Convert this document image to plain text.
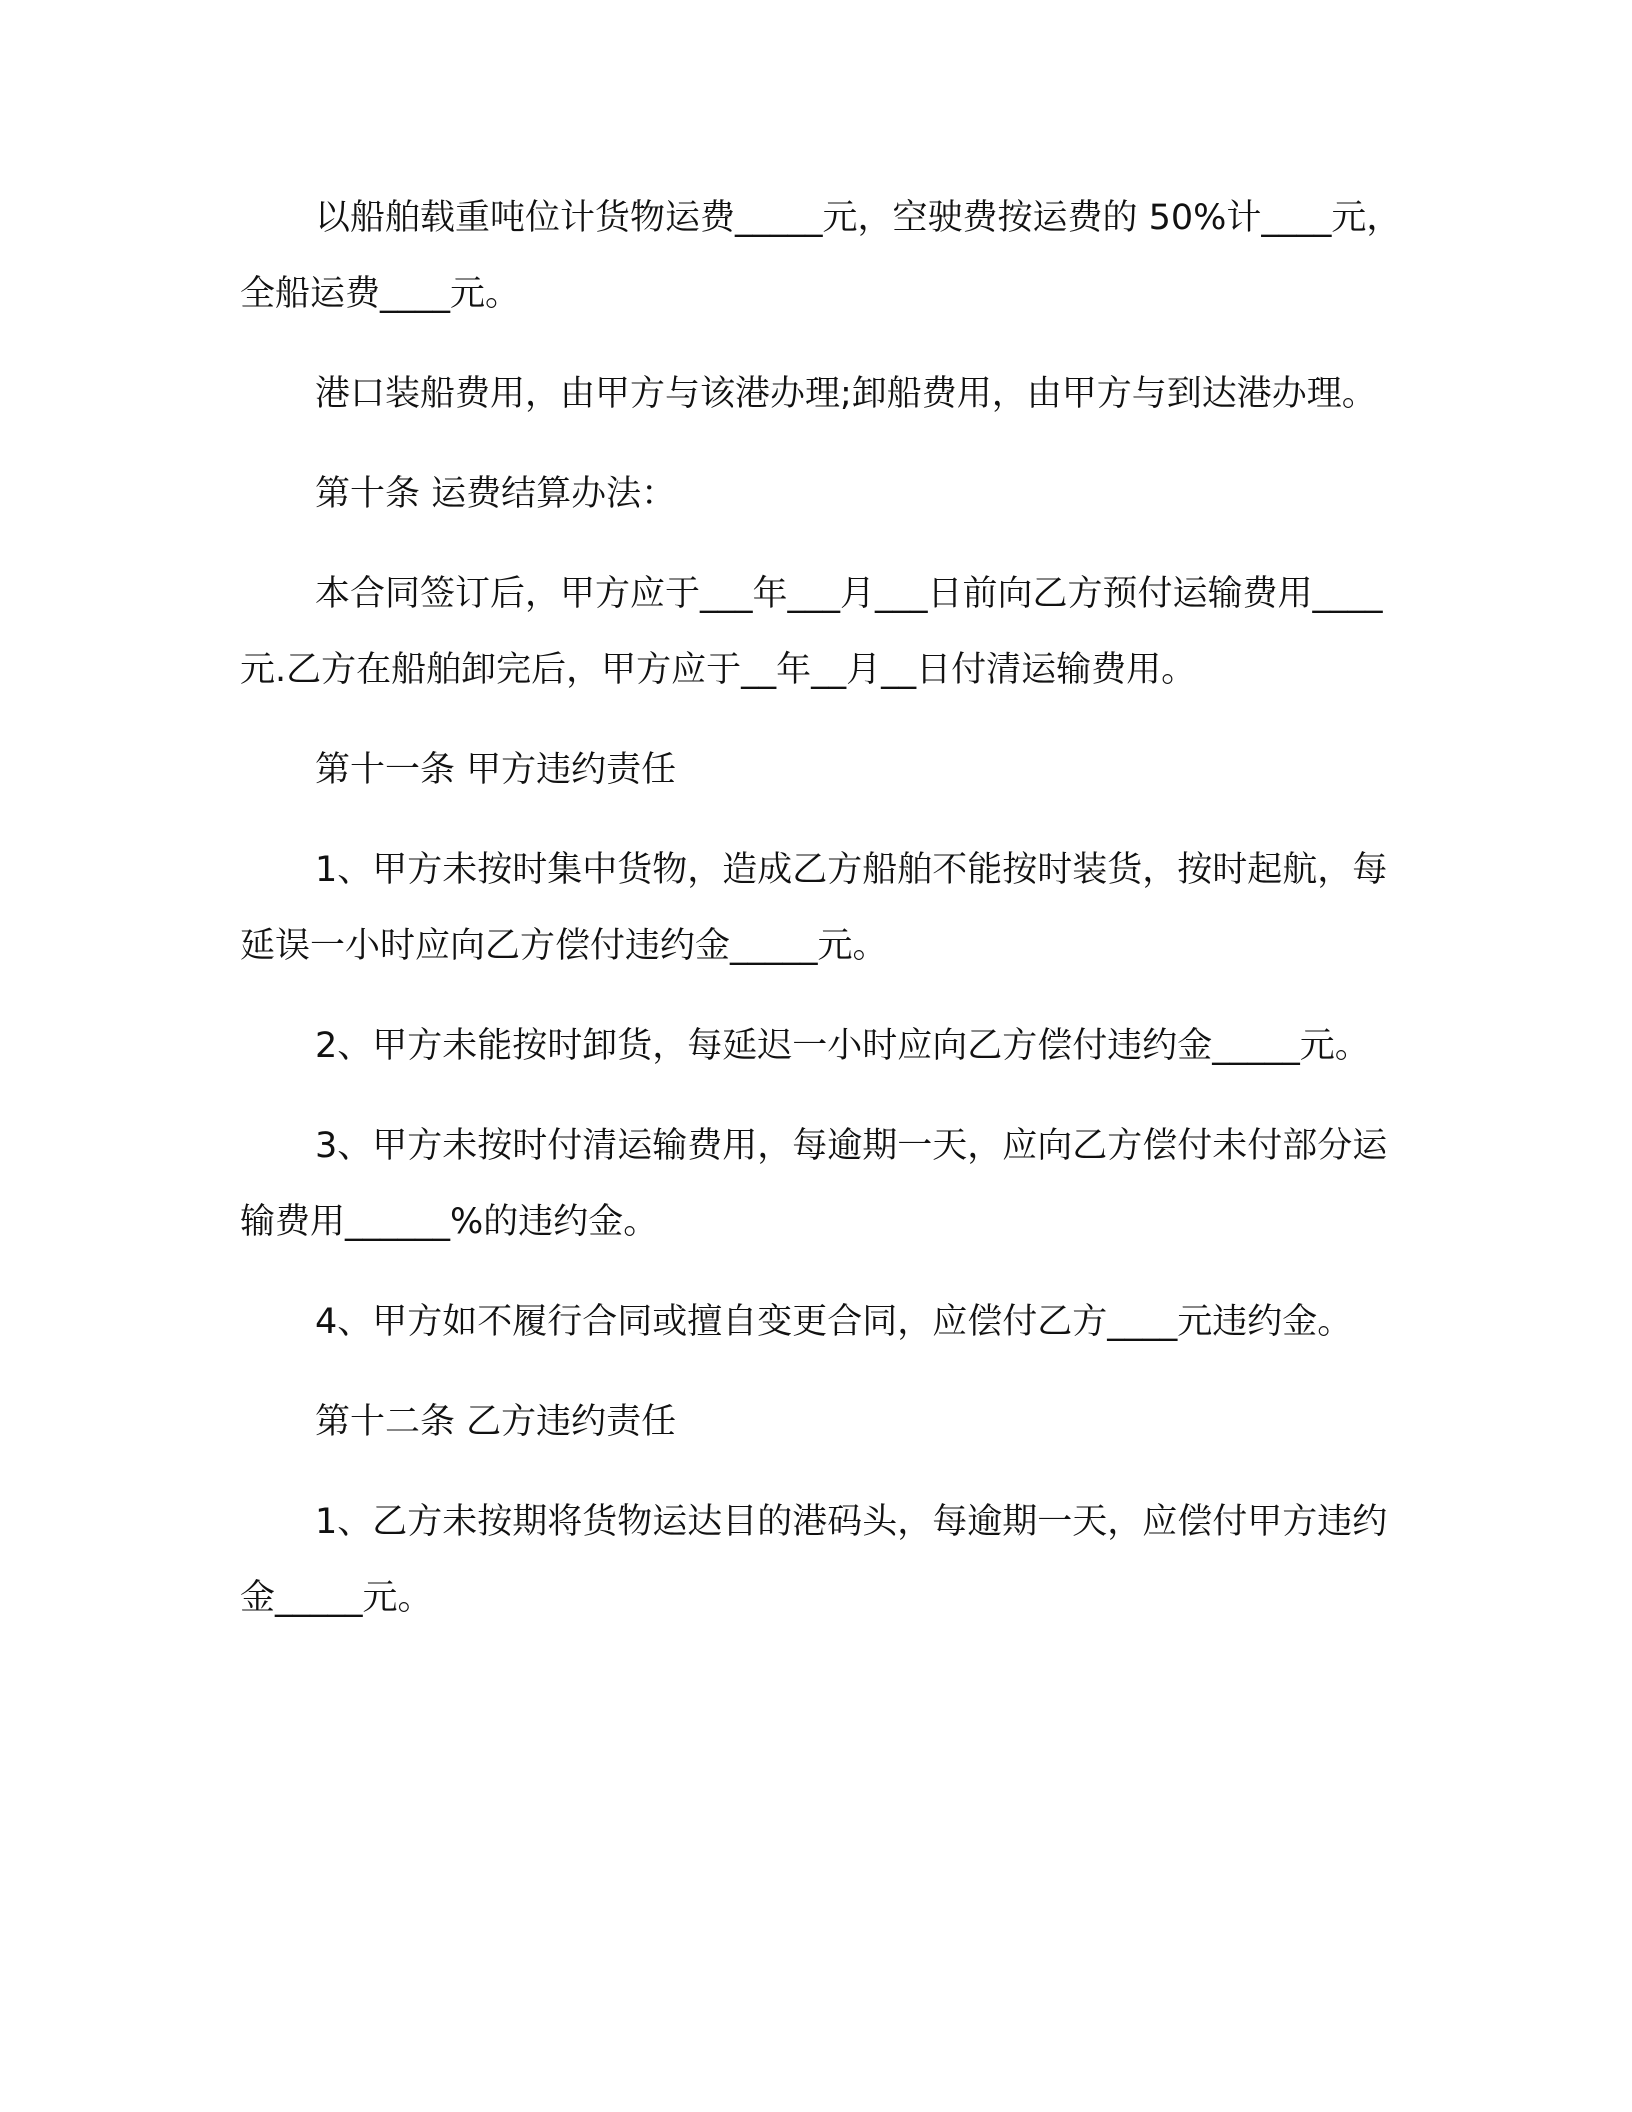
以船舶载重吨位计货物运费_____元，空驶费按运费的 50%计____元，全船运费____元。

港口装船费用，由甲方与该港办理;卸船费用，由甲方与到达港办理。

第十条 运费结算办法：

本合同签订后，甲方应于___年___月___日前向乙方预付运输费用____元.乙方在船舶卸完后，甲方应于__年__月__日付清运输费用。

第十一条 甲方违约责任

1、甲方未按时集中货物，造成乙方船舶不能按时装货，按时起航，每延误一小时应向乙方偿付违约金_____元。

2、甲方未能按时卸货，每延迟一小时应向乙方偿付违约金_____元。

3、甲方未按时付清运输费用，每逾期一天，应向乙方偿付未付部分运输费用______%的违约金。

4、甲方如不履行合同或擅自变更合同，应偿付乙方____元违约金。

第十二条 乙方违约责任

1、乙方未按期将货物运达目的港码头，每逾期一天，应偿付甲方违约金_____元。
